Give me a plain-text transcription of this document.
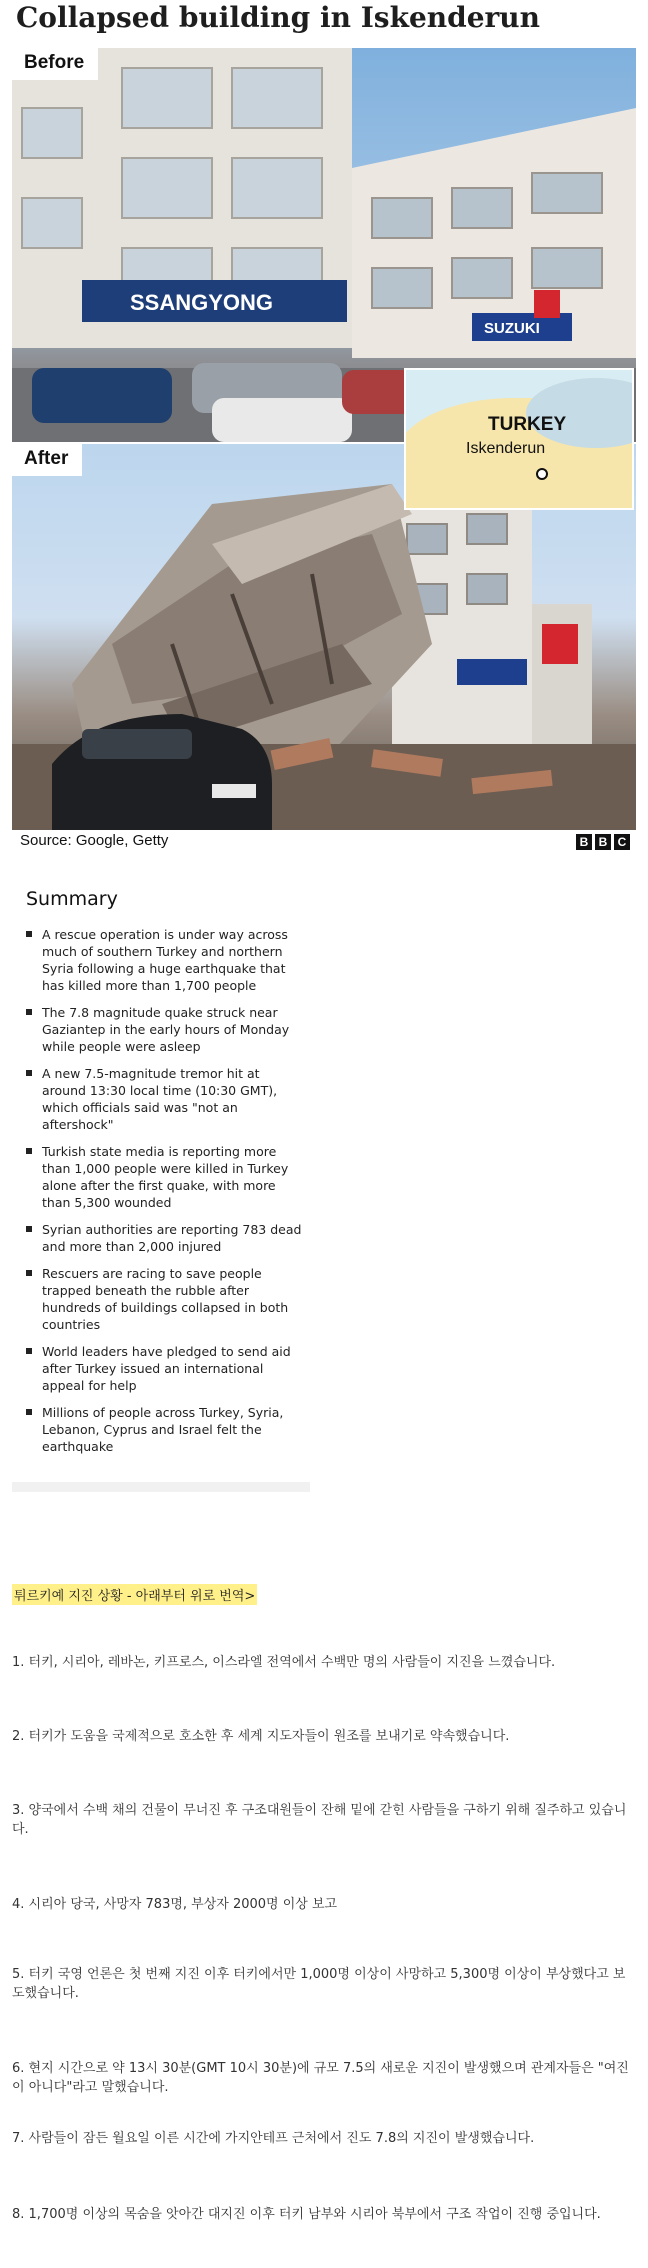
Collapsed building in Iskenderun
SSANGYONG
SUZUKI
Before
After
TURKEY
Iskenderun
Source: Google, Getty	B B C
Summary
A rescue operation is under way across much of southern Turkey and northern Syria following a huge earthquake that has killed more than 1,700 people
The 7.8 magnitude quake struck near Gaziantep in the early hours of Monday while people were asleep
A new 7.5-magnitude tremor hit at around 13:30 local time (10:30 GMT), which officials said was "not an aftershock"
Turkish state media is reporting more than 1,000 people were killed in Turkey alone after the first quake, with more than 5,300 wounded
Syrian authorities are reporting 783 dead and more than 2,000 injured
Rescuers are racing to save people trapped beneath the rubble after hundreds of buildings collapsed in both countries
World leaders have pledged to send aid after Turkey issued an international appeal for help
Millions of people across Turkey, Syria, Lebanon, Cyprus and Israel felt the earthquake
튀르키예 지진 상황 - 아래부터 위로 번역>
1. 터키, 시리아, 레바논, 키프로스, 이스라엘 전역에서 수백만 명의 사람들이 지진을 느꼈습니다.
2. 터키가 도움을 국제적으로 호소한 후 세계 지도자들이 원조를 보내기로 약속했습니다.
3. 양국에서 수백 채의 건물이 무너진 후 구조대원들이 잔해 밑에 갇힌 사람들을 구하기 위해 질주하고 있습니다.
4. 시리아 당국, 사망자 783명, 부상자 2000명 이상 보고
5. 터키 국영 언론은 첫 번째 지진 이후 터키에서만 1,000명 이상이 사망하고 5,300명 이상이 부상했다고 보도했습니다.
6. 현지 시간으로 약 13시 30분(GMT 10시 30분)에 규모 7.5의 새로운 지진이 발생했으며 관계자들은 "여진이 아니다"라고 말했습니다.
7. 사람들이 잠든 월요일 이른 시간에 가지안테프 근처에서 진도 7.8의 지진이 발생했습니다.
8. 1,700명 이상의 목숨을 앗아간 대지진 이후 터키 남부와 시리아 북부에서 구조 작업이 진행 중입니다.
